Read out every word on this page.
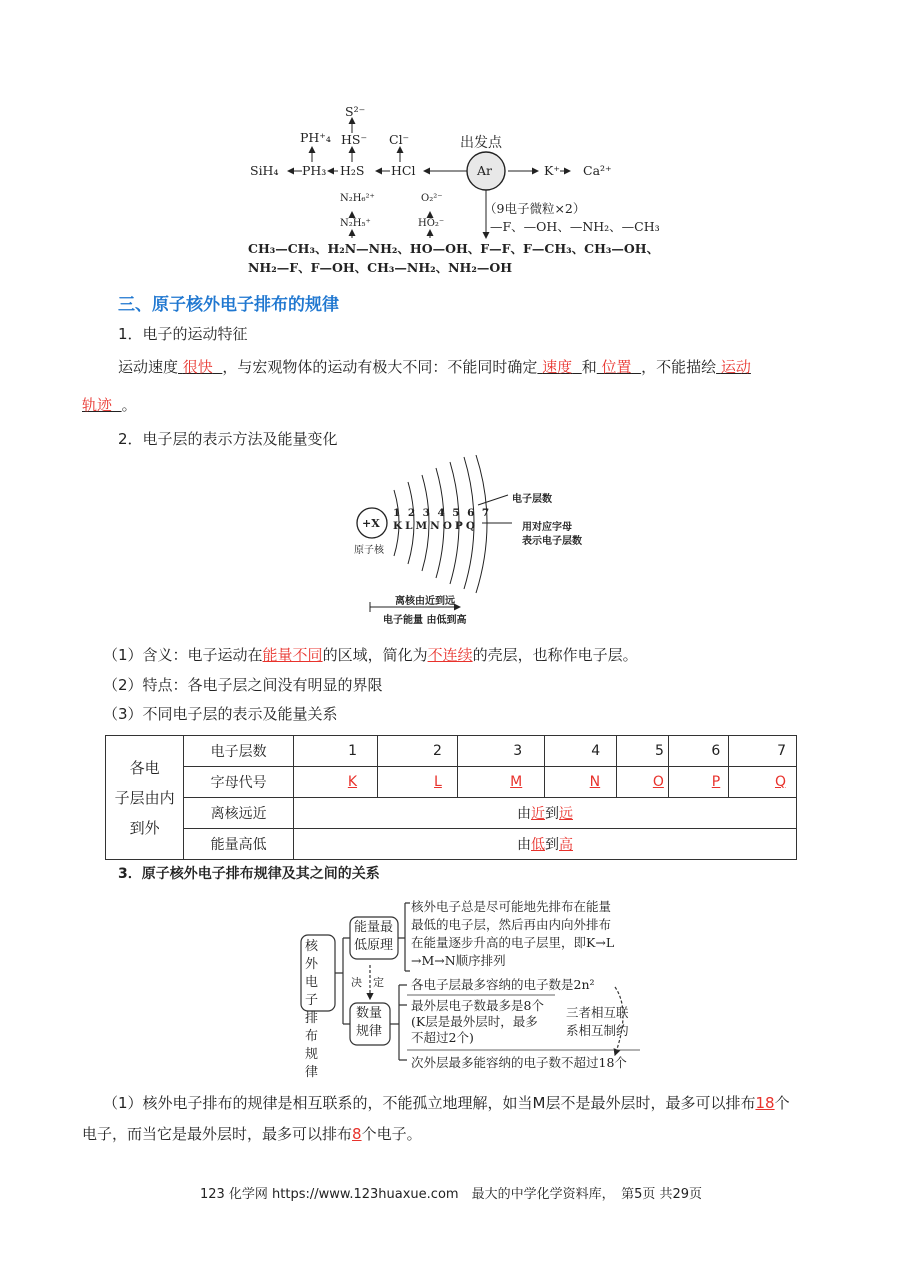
S²⁻
PH⁺₄ HS⁻ Cl⁻	出发点
SiH₄ PH₃ H₂S HCl	Ar	K⁺ Ca²⁺
N₂H₆²⁺	O₂²⁻
N₂H₅⁺	HO₂⁻
（9电子微粒×2）
—F、—OH、—NH₂、—CH₃
CH₃—CH₃、H₂N—NH₂、HO—OH、F—F、F—CH₃、CH₃—OH、
NH₂—F、F—OH、CH₃—NH₂、NH₂—OH
三、原子核外电子排布的规律
1．电子的运动特征
运动速度 很快 ，与宏观物体的运动有极大不同：不能同时确定 速度 和 位置 ，不能描绘 运动
轨迹 。
2．电子层的表示方法及能量变化
+X
原子核
1234567
KLMNOPQ
电子层数
用对应字母
表示电子层数
离核由近到远
电子能量 由低到高
（1）含义：电子运动在能量不同的区域，简化为不连续的壳层，也称作电子层。
（2）特点：各电子层之间没有明显的界限
（3）不同电子层的表示及能量关系
各电
子层由内
到外	电子层数	1	2	3	4	5	6	7
	字母代号	K	L	M	N	O	P	Q
	离核远近	由近到远						
	能量高低	由低到高						
3．原子核外电子排布规律及其之间的关系
核外
电子
排布
规律
能量最
低原理
决　定
数量
规律
核外电子总是尽可能地先排布在能量
最低的电子层，然后再由内向外排布
在能量逐步升高的电子层里，即K→L
→M→N顺序排列
各电子层最多容纳的电子数是2n²
最外层电子数最多是8个
(K层是最外层时，最多
不超过2个)
三者相互联
系相互制约
次外层最多能容纳的电子数不超过18个
（1）核外电子排布的规律是相互联系的，不能孤立地理解，如当M层不是最外层时，最多可以排布18个
电子，而当它是最外层时，最多可以排布8个电子。
123 化学网 https://www.123huaxue.com　最大的中学化学资料库，　第5页 共29页
